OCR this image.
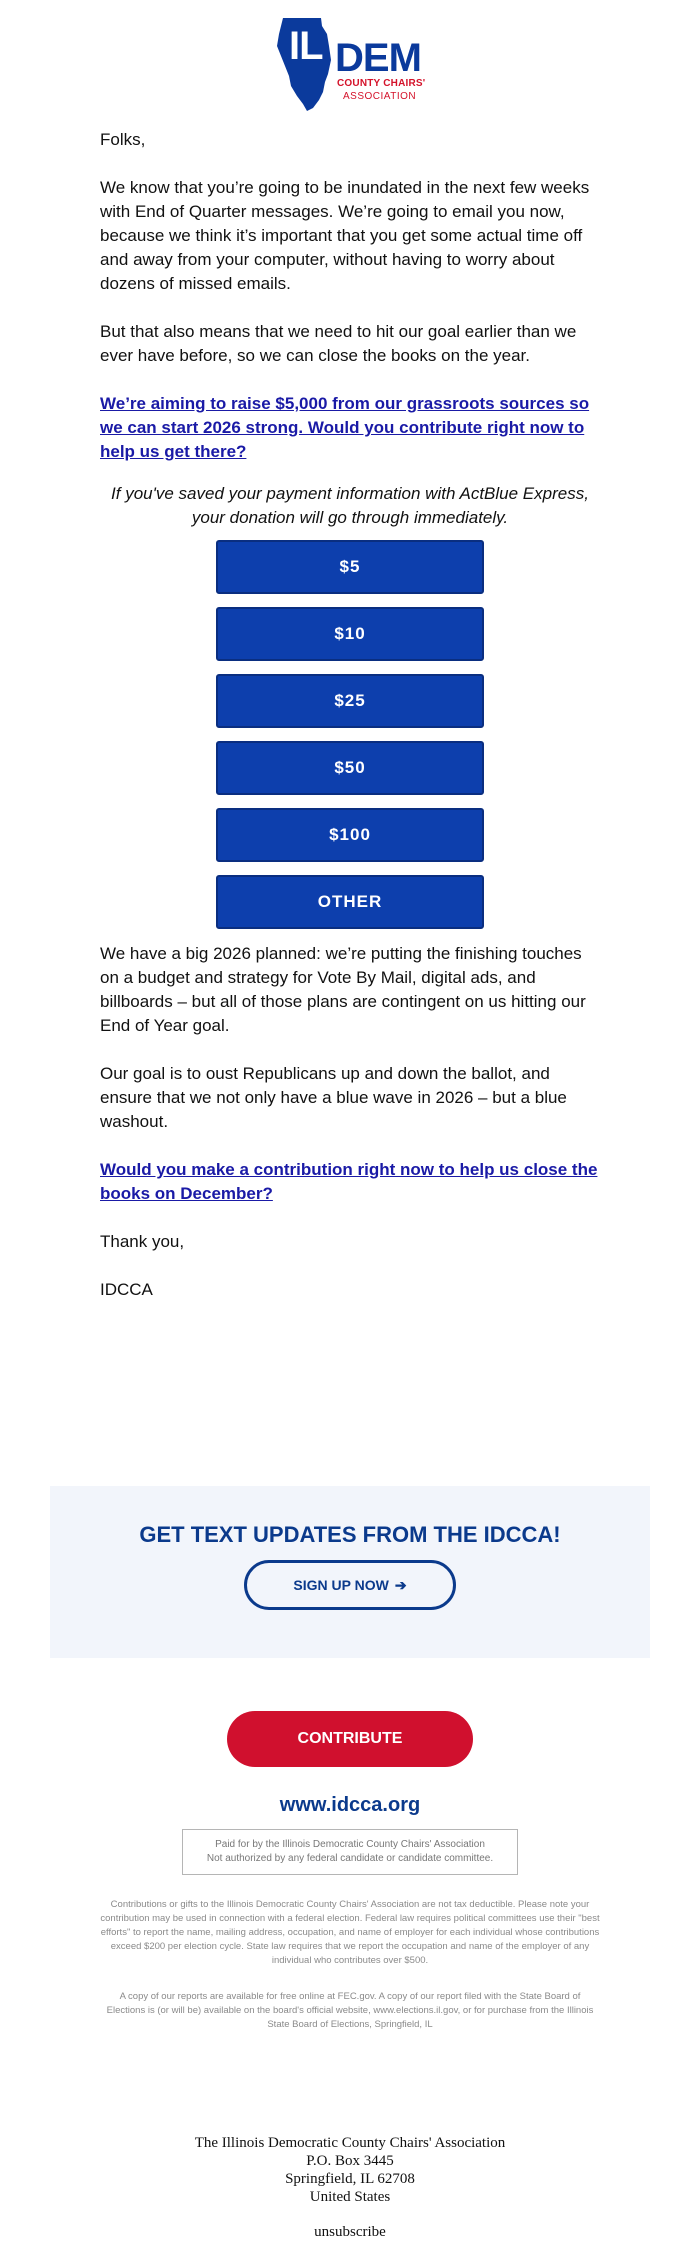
IL DEM
COUNTY CHAIRS'
ASSOCIATION

Folks,

We know that you’re going to be inundated in the next few weeks with End of Quarter messages. We’re going to email you now, because we think it’s important that you get some actual time off and away from your computer, without having to worry about dozens of missed emails.

But that also means that we need to hit our goal earlier than we ever have before, so we can close the books on the year.

We’re aiming to raise $5,000 from our grassroots sources so we can start 2026 strong. Would you contribute right now to help us get there?
If you've saved your payment information with ActBlue Express,
your donation will go through immediately.
$5
$10
$25
$50
$100
OTHER

We have a big 2026 planned: we’re putting the finishing touches on a budget and strategy for Vote By Mail, digital ads, and billboards – but all of those plans are contingent on us hitting our End of Year goal.

Our goal is to oust Republicans up and down the ballot, and ensure that we not only have a blue wave in 2026 – but a blue washout.

Would you make a contribution right now to help us close the books on December?

Thank you,

IDCCA

GET TEXT UPDATES FROM THE IDCCA!
SIGN UP NOW ➔
CONTRIBUTE
www.idcca.org
Paid for by the Illinois Democratic County Chairs' Association
Not authorized by any federal candidate or candidate committee.
Contributions or gifts to the Illinois Democratic County Chairs' Association are not tax deductible. Please note your contribution may be used in connection with a federal election. Federal law requires political committees use their "best efforts" to report the name, mailing address, occupation, and name of employer for each individual whose contributions exceed $200 per election cycle. State law requires that we report the occupation and name of the employer of any individual who contributes over $500.
A copy of our reports are available for free online at FEC.gov. A copy of our report filed with the State Board of Elections is (or will be) available on the board's official website, www.elections.il.gov, or for purchase from the Illinois State Board of Elections, Springfield, IL
The Illinois Democratic County Chairs' Association
P.O. Box 3445
Springfield, IL 62708
United States
unsubscribe
